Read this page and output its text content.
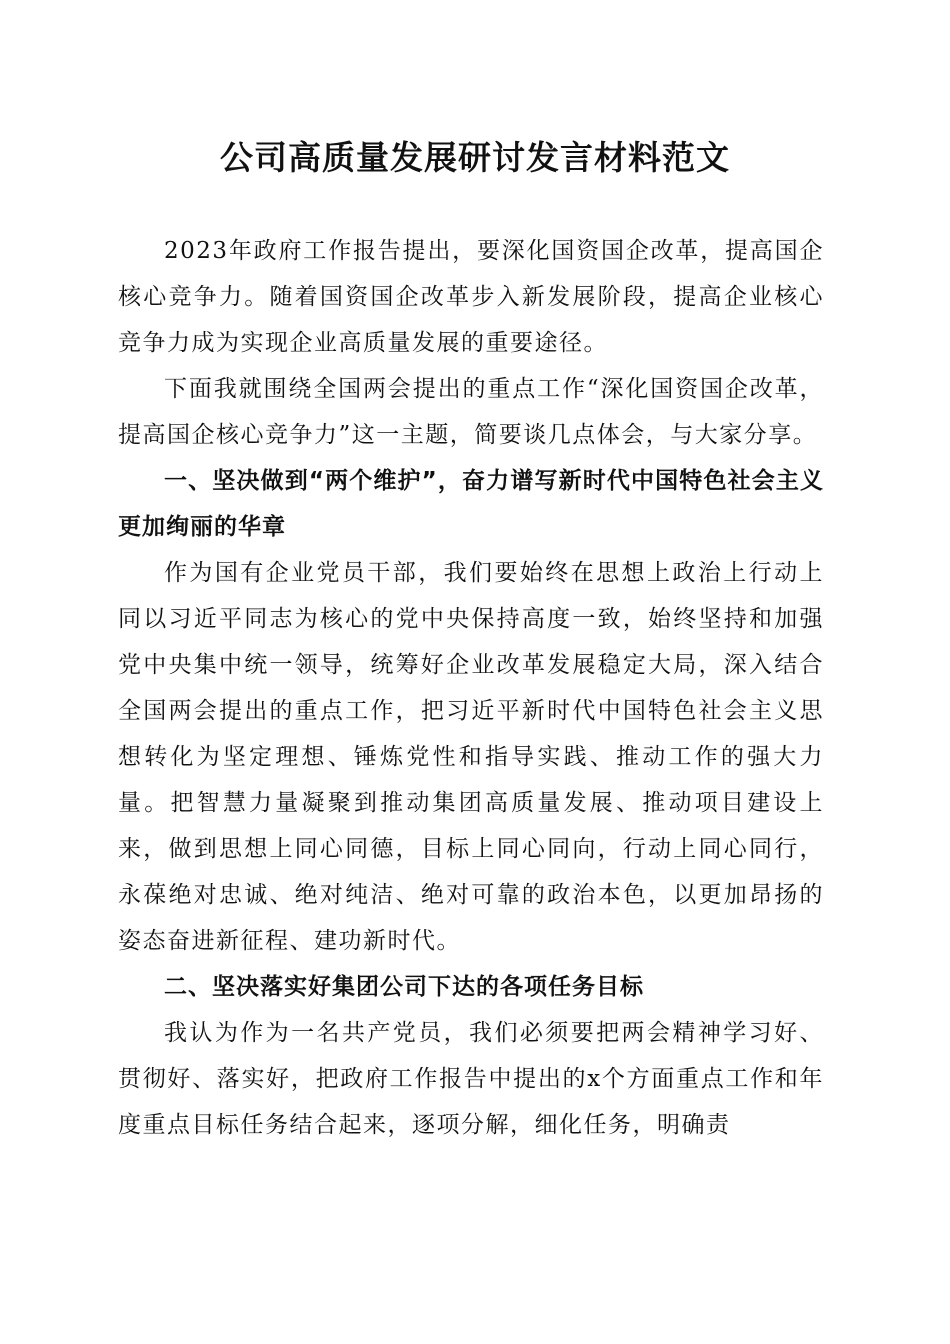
公司高质量发展研讨发言材料范文

2023年政府工作报告提出，要深化国资国企改革，提高国企核心竞争力。随着国资国企改革步入新发展阶段，提高企业核心竞争力成为实现企业高质量发展的重要途径。

下面我就围绕全国两会提出的重点工作“深化国资国企改革，提高国企核心竞争力”这一主题，简要谈几点体会，与大家分享。

一、坚决做到“两个维护”，奋力谱写新时代中国特色社会主义更加绚丽的华章

作为国有企业党员干部，我们要始终在思想上政治上行动上同以习近平同志为核心的党中央保持高度一致，始终坚持和加强党中央集中统一领导，统筹好企业改革发展稳定大局，深入结合全国两会提出的重点工作，把习近平新时代中国特色社会主义思想转化为坚定理想、锤炼党性和指导实践、推动工作的强大力量。把智慧力量凝聚到推动集团高质量发展、推动项目建设上来，做到思想上同心同德，目标上同心同向，行动上同心同行，永葆绝对忠诚、绝对纯洁、绝对可靠的政治本色，以更加昂扬的姿态奋进新征程、建功新时代。

二、坚决落实好集团公司下达的各项任务目标

我认为作为一名共产党员，我们必须要把两会精神学习好、贯彻好、落实好，把政府工作报告中提出的x个方面重点工作和年度重点目标任务结合起来，逐项分解，细化任务，明确责
